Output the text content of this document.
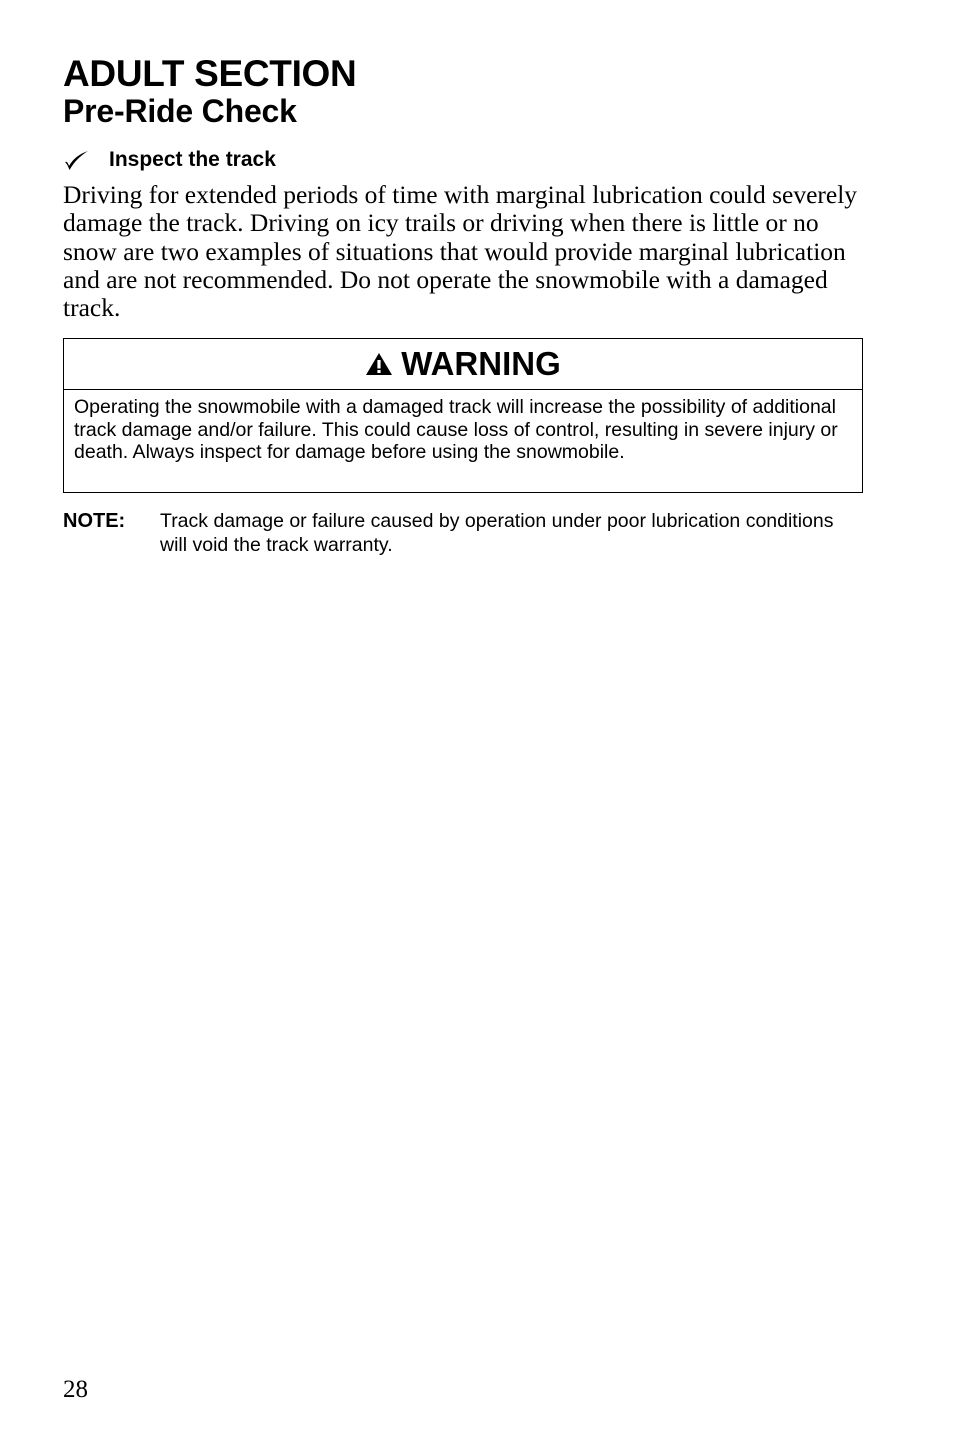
ADULT SECTION
Pre-Ride Check
Inspect the track

Driving for extended periods of time with marginal lubrication could severely damage the track. Driving on icy trails or driving when there is little or no snow are two examples of situations that would provide marginal lubrication and are not recommended. Do not operate the snowmobile with a damaged track.

WARNING

Operating the snowmobile with a damaged track will increase the possibility of additional track damage and/or failure. This could cause loss of control, resulting in severe injury or death. Always inspect for damage before using the snowmobile.

NOTE:	Track damage or failure caused by operation under poor lubrication conditions will void the track warranty.

28
